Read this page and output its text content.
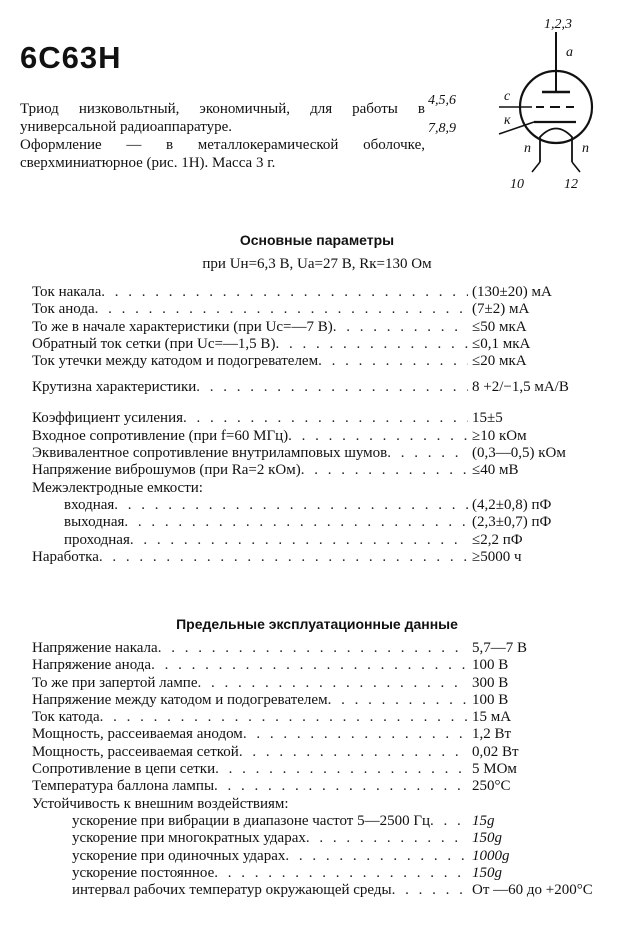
6С63Н

Триод низковольтный, экономичный, для работы в универсальной радиоаппаратуре.

Оформление — в металлокерамической оболочке, сверхминиатюрное (рис. 1Н). Масса 3 г.

1,2,3
а
4,5,6	с
7,8,9
к
п	п
10	12
Основные параметры
при Uн=6,3 В, Uа=27 В, Rк=130 Ом
Ток накала . . .	(130±20) мА
Ток анода . . .	(7±2) мА
То же в начале характеристики (при Uс=—7 В) . . .	≤50 мкА
Обратный ток сетки (при Uс=—1,5 В) . . .	≤0,1 мкА
Ток утечки между катодом и подогревателем . . .	≤20 мкА
Крутизна характеристики . . .	8 +2/−1,5 мА/В
Коэффициент усиления . . .	15±5
Входное сопротивление (при f=60 МГц) . . .	≥10 кОм
Эквивалентное сопротивление внутриламповых шумов . . .	(0,3—0,5) кОм
Напряжение виброшумов (при Rа=2 кОм) . . .	≤40 мВ
Межэлектродные емкости:
входная . . .	(4,2±0,8) пФ
выходная . . .	(2,3±0,7) пФ
проходная . . .	≤2,2 пФ
Наработка . . .	≥5000 ч
Предельные эксплуатационные данные
Напряжение накала . . .	5,7—7 В
Напряжение анода . . .	100 В
То же при запертой лампе . . .	300 В
Напряжение между катодом и подогревателем . . .	100 В
Ток катода . . .	15 мА
Мощность, рассеиваемая анодом . . .	1,2 Вт
Мощность, рассеиваемая сеткой . . .	0,02 Вт
Сопротивление в цепи сетки . . .	5 МОм
Температура баллона лампы . . .	250°С
Устойчивость к внешним воздействиям:
ускорение при вибрации в диапазоне частот 5—2500 Гц . . .	15g
ускорение при многократных ударах . . .	150g
ускорение при одиночных ударах . . .	1000g
ускорение постоянное . . .	150g
интервал рабочих температур окружающей среды . . .	От —60 до +200°С
